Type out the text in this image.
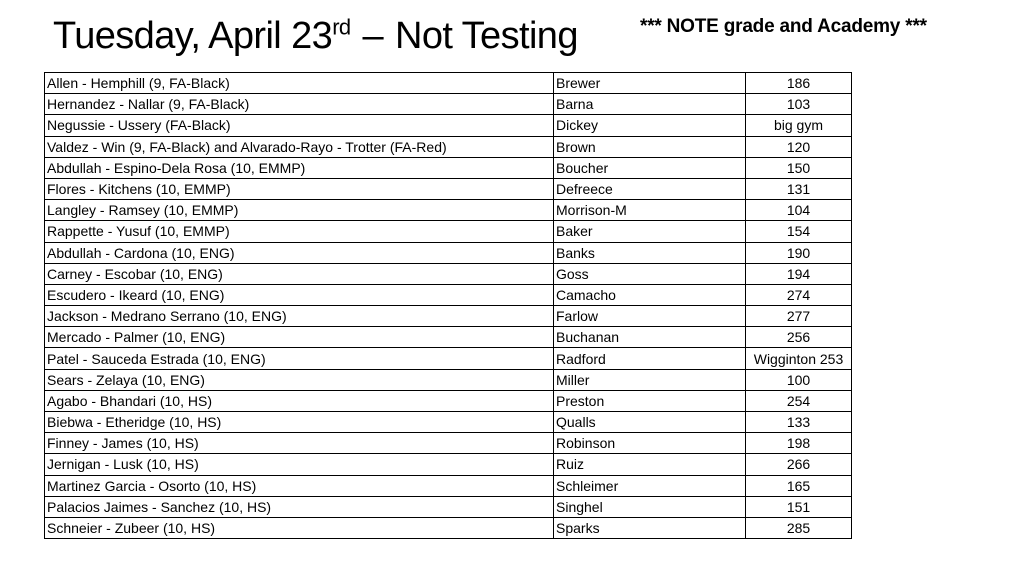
Tuesday, April 23rd – Not Testing	*** NOTE grade and Academy ***
Allen - Hemphill (9, FA-Black)	Brewer	186
Hernandez - Nallar (9, FA-Black)	Barna	103
Negussie - Ussery (FA-Black)	Dickey	big gym
Valdez - Win (9, FA-Black) and Alvarado-Rayo - Trotter (FA-Red)	Brown	120
Abdullah - Espino-Dela Rosa (10, EMMP)	Boucher	150
Flores - Kitchens (10, EMMP)	Defreece	131
Langley - Ramsey (10, EMMP)	Morrison-M	104
Rappette - Yusuf (10, EMMP)	Baker	154
Abdullah - Cardona (10, ENG)	Banks	190
Carney - Escobar (10, ENG)	Goss	194
Escudero - Ikeard (10, ENG)	Camacho	274
Jackson - Medrano Serrano (10, ENG)	Farlow	277
Mercado - Palmer (10, ENG)	Buchanan	256
Patel - Sauceda Estrada (10, ENG)	Radford	Wigginton 253
Sears - Zelaya (10, ENG)	Miller	100
Agabo - Bhandari (10, HS)	Preston	254
Biebwa - Etheridge (10, HS)	Qualls	133
Finney - James (10, HS)	Robinson	198
Jernigan - Lusk (10, HS)	Ruiz	266
Martinez Garcia - Osorto (10, HS)	Schleimer	165
Palacios Jaimes - Sanchez (10, HS)	Singhel	151
Schneier - Zubeer (10, HS)	Sparks	285
